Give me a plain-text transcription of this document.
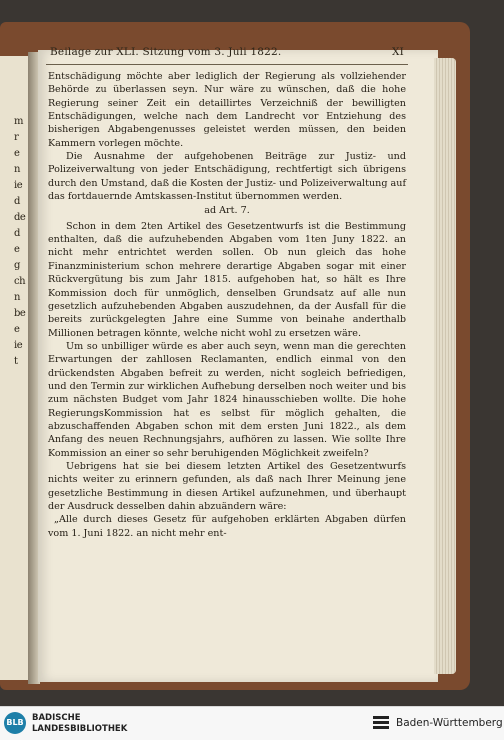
m
r
e
n
ie
d
de
d
e
g
ch
n
be
e
ie
t
Beilage zur XLI. Sitzung vom 3. Juli 1822.	XI

Entschädigung möchte aber lediglich der Regierung als vollziehender Behörde zu überlassen seyn. Nur wäre zu wünschen, daß die hohe Regierung seiner Zeit ein detaillirtes Verzeichniß der bewilligten Entschädigungen, welche nach dem Landrecht vor Entziehung des bisherigen Abgabengenusses geleistet werden müssen, den beiden Kammern vorlegen möchte.

Die Ausnahme der aufgehobenen Beiträge zur Justiz- und Polizeiverwaltung von jeder Entschädigung, rechtfertigt sich übrigens durch den Umstand, daß die Kosten der Justiz- und Polizeiverwaltung auf das fortdauernde Amtskassen-Institut übernommen werden.

ad Art. 7.

Schon in dem 2ten Artikel des Gesetzentwurfs ist die Bestimmung enthalten, daß die aufzuhebenden Abgaben vom 1ten Juny 1822. an nicht mehr entrichtet werden sollen. Ob nun gleich das hohe Finanzministerium schon mehrere derartige Abgaben sogar mit einer Rückvergütung bis zum Jahr 1815. aufgehoben hat, so hält es Ihre Kommission doch für unmöglich, denselben Grundsatz auf alle nun gesetzlich aufzuhebenden Abgaben auszudehnen, da der Ausfall für die bereits zurückgelegten Jahre eine Summe von beinahe anderthalb Millionen betragen könnte, welche nicht wohl zu ersetzen wäre.

Um so unbilliger würde es aber auch seyn, wenn man die gerechten Erwartungen der zahllosen Reclamanten, endlich einmal von den drückendsten Abgaben befreit zu werden, nicht sogleich befriedigen, und den Termin zur wirklichen Aufhebung derselben noch weiter und bis zum nächsten Budget vom Jahr 1824 hinausschieben wollte. Die hohe RegierungsKommission hat es selbst für möglich gehalten, die abzuschaffenden Abgaben schon mit dem ersten Juni 1822., als dem Anfang des neuen Rechnungsjahrs, aufhören zu lassen. Wie sollte Ihre Kommission an einer so sehr beruhigenden Möglichkeit zweifeln?

Uebrigens hat sie bei diesem letzten Artikel des Gesetzentwurfs nichts weiter zu erinnern gefunden, als daß nach Ihrer Meinung jene gesetzliche Bestimmung in diesen Artikel aufzunehmen, und überhaupt der Ausdruck desselben dahin abzuändern wäre:

„Alle durch dieses Gesetz für aufgehoben erklärten Abgaben dürfen vom 1. Juni 1822. an nicht mehr ent-

BLB BADISCHE
LANDESBIBLIOTHEK	Baden-Württemberg
